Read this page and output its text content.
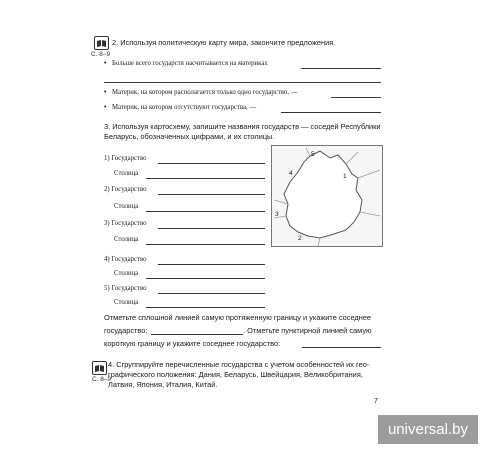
С. 8–9
2. Используя политическую карту мира, закончите предложения.
• Больше всего государств насчитывается на материках
• Материк, на котором располагается только одно государство, —
• Материк, на котором отсутствуют государства, —
3. Используя картосхему, запишите названия государств — соседей Республики
Беларусь, обозначенных цифрами, и их столицы.
1) Государство
Столица
2) Государство
Столица
3) Государство
Столица
4) Государство
Столица
5) Государство
Столица
1
2
3
4
5
Отметьте сплошной линией самую протяженную границу и укажите соседнее
государство:	. Отметьте пунктирной линией самую
короткую границу и укажите соседнее государство:
С. 8–9
4. Сгруппируйте перечисленные государства с учетом особенностей их гео-
графического положения: Дания, Беларусь, Швейцария, Великобритания,
Латвия, Япония, Италия, Китай.
7
universal.by
